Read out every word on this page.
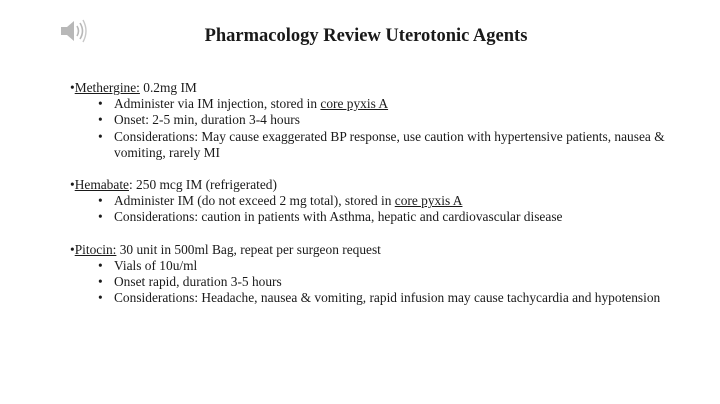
Pharmacology Review Uterotonic Agents
•Methergine: 0.2mg IM
• Administer via IM injection, stored in core pyxis A
• Onset: 2-5 min, duration 3-4 hours
• Considerations: May cause exaggerated BP response, use caution with hypertensive patients, nausea & vomiting, rarely MI
•Hemabate: 250 mcg IM (refrigerated)
• Administer IM (do not exceed 2 mg total), stored in core pyxis A
• Considerations: caution in patients with Asthma, hepatic and cardiovascular disease
•Pitocin: 30 unit in 500ml Bag, repeat per surgeon request
• Vials of 10u/ml
• Onset rapid, duration 3-5 hours
• Considerations: Headache, nausea & vomiting, rapid infusion may cause tachycardia and hypotension
